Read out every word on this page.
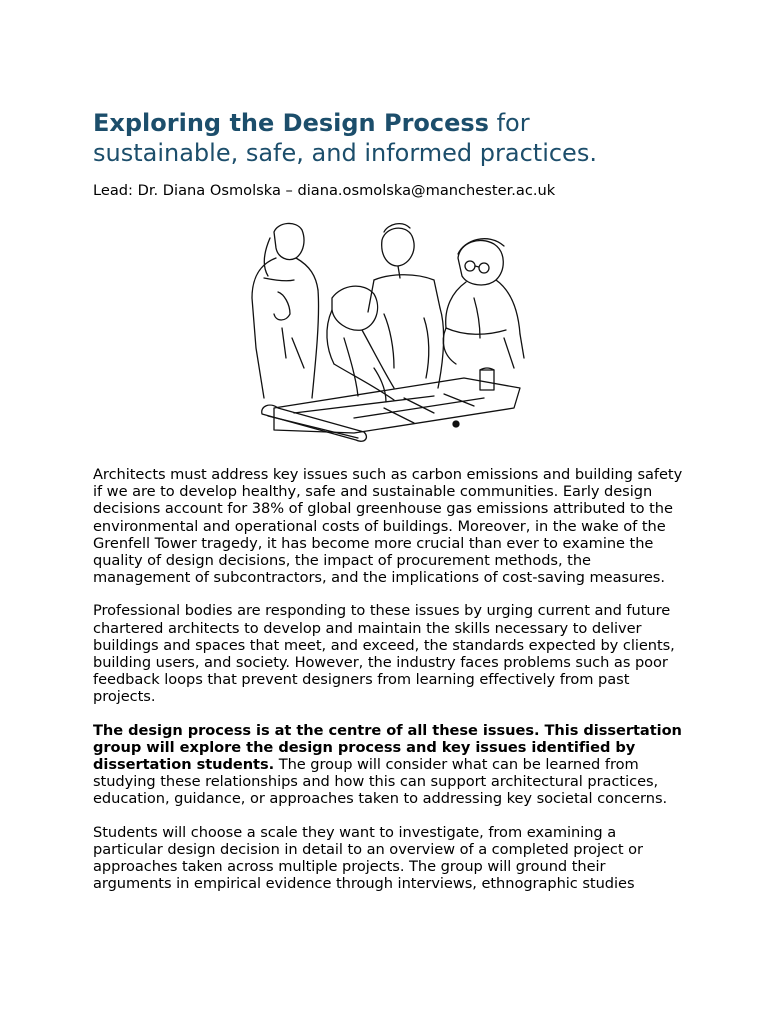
Exploring the Design Process for
sustainable, safe, and informed practices.
Lead: Dr. Diana Osmolska – diana.osmolska@manchester.ac.uk

Architects must address key issues such as carbon emissions and building safety if we are to develop healthy, safe and sustainable communities. Early design decisions account for 38% of global greenhouse gas emissions attributed to the environmental and operational costs of buildings. Moreover, in the wake of the Grenfell Tower tragedy, it has become more crucial than ever to examine the quality of design decisions, the impact of procurement methods, the management of subcontractors, and the implications of cost-saving measures.

Professional bodies are responding to these issues by urging current and future chartered architects to develop and maintain the skills necessary to deliver buildings and spaces that meet, and exceed, the standards expected by clients, building users, and society. However, the industry faces problems such as poor feedback loops that prevent designers from learning effectively from past projects.

The design process is at the centre of all these issues. This dissertation group will explore the design process and key issues identified by dissertation students. The group will consider what can be learned from studying these relationships and how this can support architectural practices, education, guidance, or approaches taken to addressing key societal concerns.

Students will choose a scale they want to investigate, from examining a particular design decision in detail to an overview of a completed project or approaches taken across multiple projects. The group will ground their arguments in empirical evidence through interviews, ethnographic studies
